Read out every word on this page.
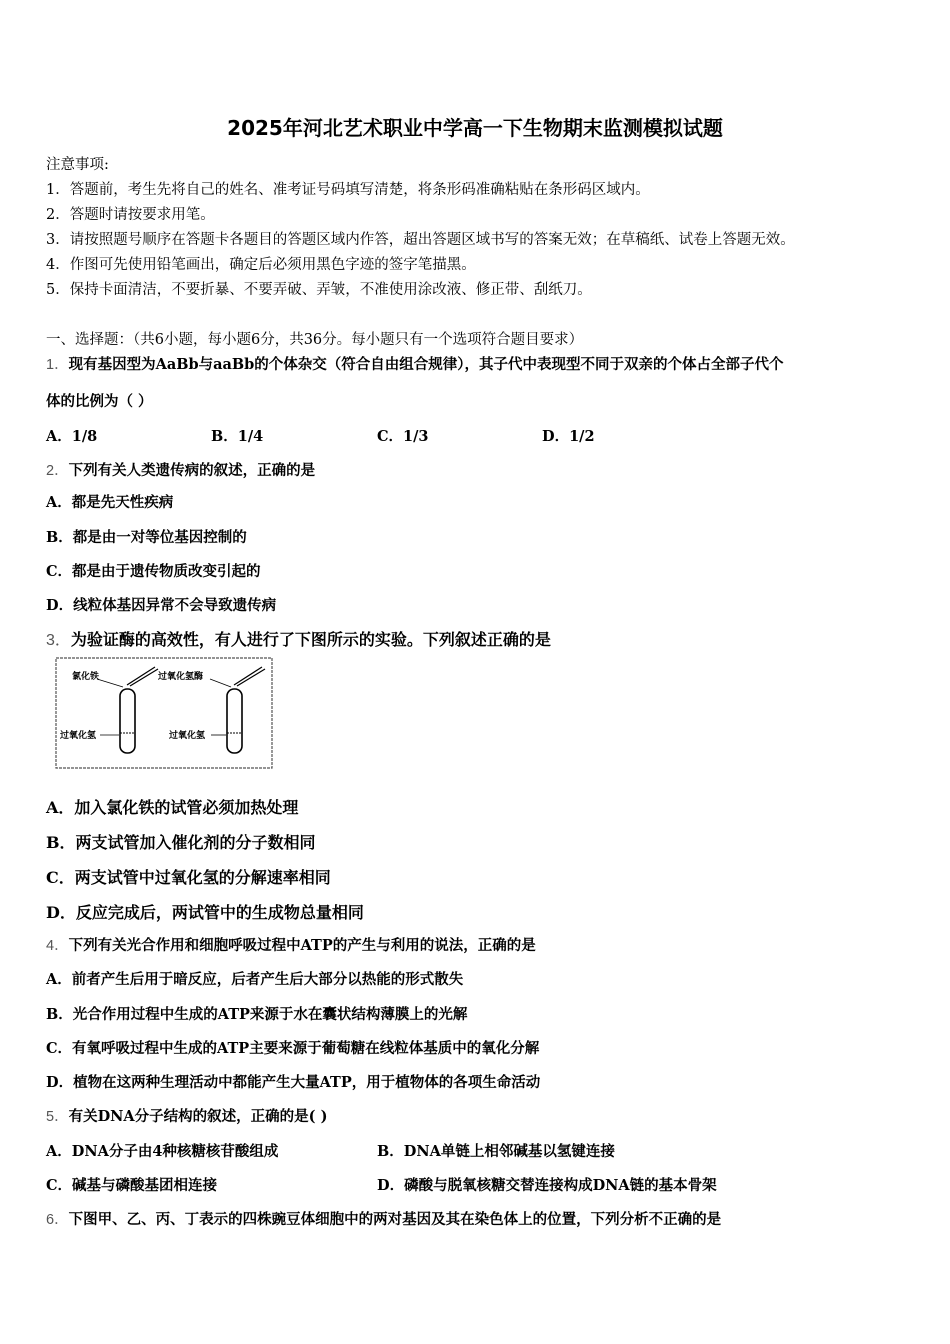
2025年河北艺术职业中学高一下生物期末监测模拟试题
注意事项:
1．答题前，考生先将自己的姓名、准考证号码填写清楚，将条形码准确粘贴在条形码区域内。
2．答题时请按要求用笔。
3．请按照题号顺序在答题卡各题目的答题区域内作答，超出答题区域书写的答案无效；在草稿纸、试卷上答题无效。
4．作图可先使用铅笔画出，确定后必须用黑色字迹的签字笔描黑。
5．保持卡面清洁，不要折暴、不要弄破、弄皱，不准使用涂改液、修正带、刮纸刀。
一、选择题：（共6小题，每小题6分，共36分。每小题只有一个选项符合题目要求）
1．现有基因型为AaBb与aaBb的个体杂交（符合自由组合规律），其子代中表现型不同于双亲的个体占全部子代个
体的比例为（ ）
A．1/8	B．1/4	C．1/3	D．1/2
2．下列有关人类遗传病的叙述，正确的是
A．都是先天性疾病
B．都是由一对等位基因控制的
C．都是由于遗传物质改变引起的
D．线粒体基因异常不会导致遗传病
3．为验证酶的高效性，有人进行了下图所示的实验。下列叙述正确的是
氯化铁
过氧化氢
过氧化氢酶
过氧化氢
A．加入氯化铁的试管必须加热处理
B．两支试管加入催化剂的分子数相同
C．两支试管中过氧化氢的分解速率相同
D．反应完成后，两试管中的生成物总量相同
4．下列有关光合作用和细胞呼吸过程中ATP的产生与利用的说法，正确的是
A．前者产生后用于暗反应，后者产生后大部分以热能的形式散失
B．光合作用过程中生成的ATP来源于水在囊状结构薄膜上的光解
C．有氧呼吸过程中生成的ATP主要来源于葡萄糖在线粒体基质中的氧化分解
D．植物在这两种生理活动中都能产生大量ATP，用于植物体的各项生命活动
5．有关DNA分子结构的叙述，正确的是( )
A．DNA分子由4种核糖核苷酸组成	B．DNA单链上相邻碱基以氢键连接
C．碱基与磷酸基团相连接	D．磷酸与脱氧核糖交替连接构成DNA链的基本骨架
6．下图甲、乙、丙、丁表示的四株豌豆体细胞中的两对基因及其在染色体上的位置，下列分析不正确的是
